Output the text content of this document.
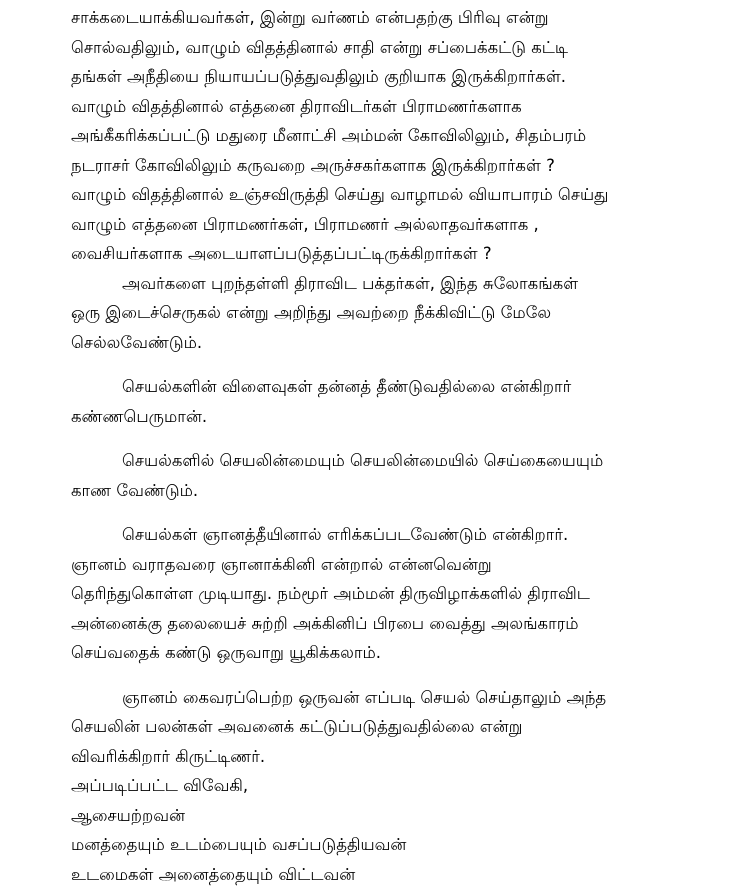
சாக்கடையாக்கியவர்கள், இன்று வர்ணம் என்பதற்கு பிரிவு என்று
சொல்வதிலும், வாழும் விதத்தினால் சாதி என்று சப்பைக்கட்டு கட்டி
தங்கள் அநீதியை நியாயப்படுத்துவதிலும் குறியாக இருக்கிறார்கள்.
வாழும் விதத்தினால் எத்தனை திராவிடர்கள் பிராமணர்களாக
அங்கீகரிக்கப்பட்டு மதுரை மீனாட்சி அம்மன் கோவிலிலும், சிதம்பரம்
நடராசர் கோவிலிலும் கருவறை அருச்சகர்களாக இருக்கிறார்கள் ?
வாழும் விதத்தினால் உஞ்சவிருத்தி செய்து வாழாமல் வியாபாரம் செய்து
வாழும் எத்தனை பிராமணர்கள், பிராமணர் அல்லாதவர்களாக ,
வைசியர்களாக அடையாளப்படுத்தப்பட்டிருக்கிறார்கள் ?
அவர்களை புறந்தள்ளி திராவிட பக்தர்கள், இந்த சுலோகங்கள்
ஒரு இடைச்செருகல் என்று அறிந்து அவற்றை நீக்கிவிட்டு மேலே
செல்லவேண்டும்.
செயல்களின் விளைவுகள் தன்னத் தீண்டுவதில்லை என்கிறார்
கண்ணபெருமான்.
செயல்களில் செயலின்மையும் செயலின்மையில் செய்கையையும்
காண வேண்டும்.
செயல்கள் ஞானத்தீயினால் எரிக்கப்படவேண்டும் என்கிறார்.
ஞானம் வராதவரை ஞானாக்கினி என்றால் என்னவென்று
தெரிந்துகொள்ள முடியாது. நம்மூர் அம்மன் திருவிழாக்களில் திராவிட
அன்னைக்கு தலையைச் சுற்றி அக்கினிப் பிரபை வைத்து அலங்காரம்
செய்வதைக் கண்டு ஒருவாறு யூகிக்கலாம்.
ஞானம் கைவரப்பெற்ற ஒருவன் எப்படி செயல் செய்தாலும் அந்த
செயலின் பலன்கள் அவனைக் கட்டுப்படுத்துவதில்லை என்று
விவரிக்கிறார் கிருட்டிணர்.
அப்படிப்பட்ட விவேகி,
ஆசையற்றவன்
மனத்தையும் உடம்பையும் வசப்படுத்தியவன்
உடமைகள் அனைத்தையும் விட்டவன்
